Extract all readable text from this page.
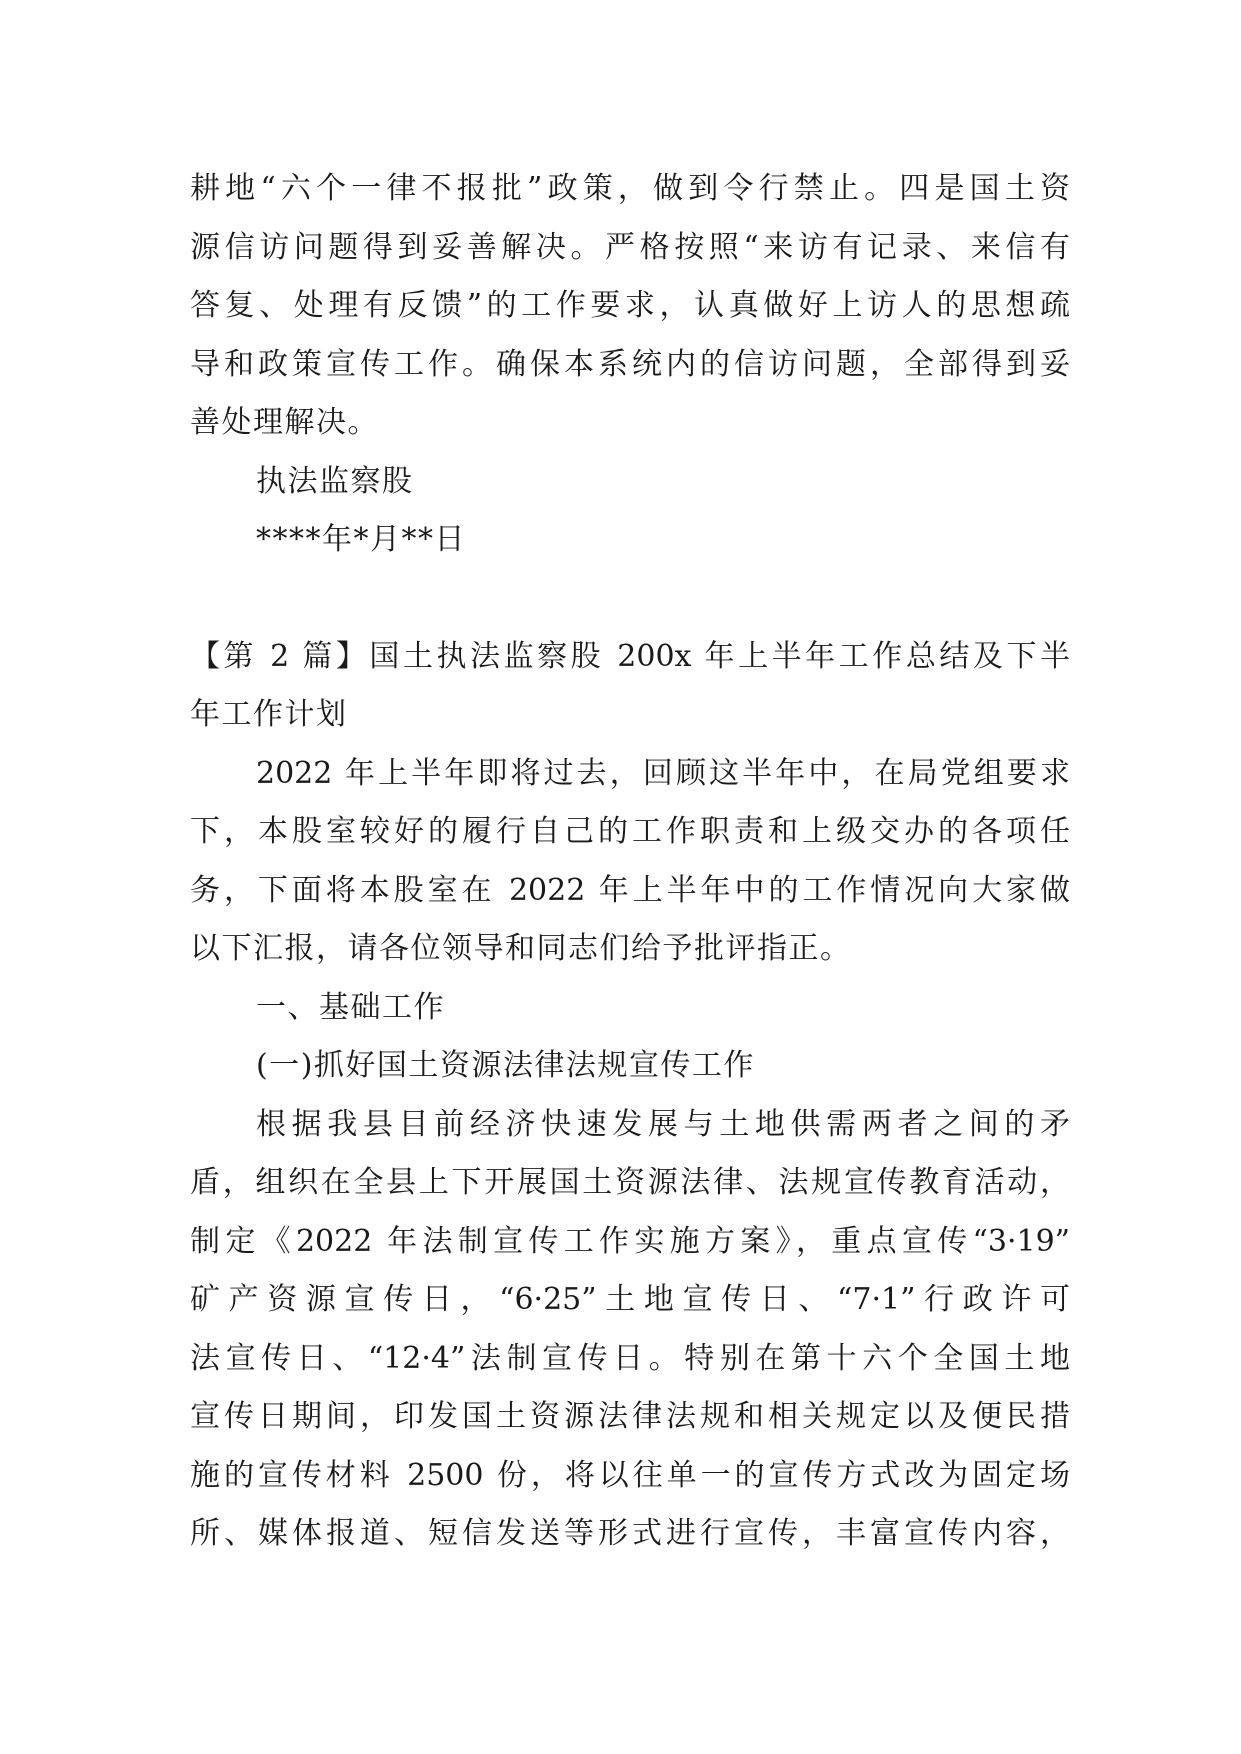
耕地“六个一律不报批”政策，做到令行禁止。四是国土资
源信访问题得到妥善解决。严格按照“来访有记录、来信有
答复、处理有反馈”的工作要求，认真做好上访人的思想疏
导和政策宣传工作。确保本系统内的信访问题，全部得到妥
善处理解决。
执法监察股
****年*月**日
【第 2 篇】国土执法监察股 200x 年上半年工作总结及下半
年工作计划
2022 年上半年即将过去，回顾这半年中，在局党组要求
下，本股室较好的履行自己的工作职责和上级交办的各项任
务，下面将本股室在 2022 年上半年中的工作情况向大家做
以下汇报，请各位领导和同志们给予批评指正。
一、基础工作
(一)抓好国土资源法律法规宣传工作
根据我县目前经济快速发展与土地供需两者之间的矛
盾，组织在全县上下开展国土资源法律、法规宣传教育活动，
制定《2022 年法制宣传工作实施方案》，重点宣传“3·19”
矿产资源宣传日，“6·25”土地宣传日、“7·1”行政许可
法宣传日、“12·4”法制宣传日。特别在第十六个全国土地
宣传日期间，印发国土资源法律法规和相关规定以及便民措
施的宣传材料 2500 份，将以往单一的宣传方式改为固定场
所、媒体报道、短信发送等形式进行宣传，丰富宣传内容，
